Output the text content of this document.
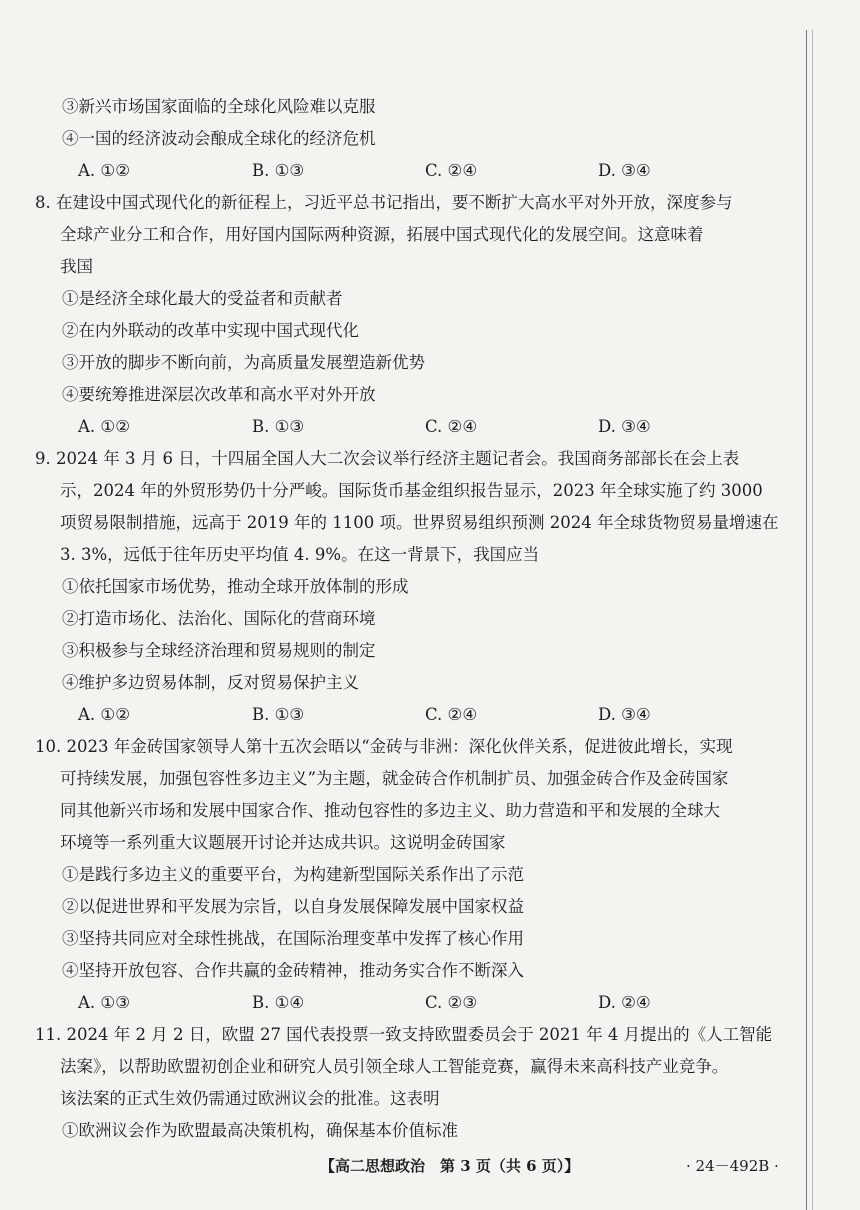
③新兴市场国家面临的全球化风险难以克服
④一国的经济波动会酿成全球化的经济危机
A. ①②	B. ①③	C. ②④	D. ③④
8. 在建设中国式现代化的新征程上，习近平总书记指出，要不断扩大高水平对外开放，深度参与
全球产业分工和合作，用好国内国际两种资源，拓展中国式现代化的发展空间。这意味着
我国
①是经济全球化最大的受益者和贡献者
②在内外联动的改革中实现中国式现代化
③开放的脚步不断向前，为高质量发展塑造新优势
④要统筹推进深层次改革和高水平对外开放
A. ①②	B. ①③	C. ②④	D. ③④
9. 2024 年 3 月 6 日，十四届全国人大二次会议举行经济主题记者会。我国商务部部长在会上表
示，2024 年的外贸形势仍十分严峻。国际货币基金组织报告显示，2023 年全球实施了约 3000
项贸易限制措施，远高于 2019 年的 1100 项。世界贸易组织预测 2024 年全球货物贸易量增速在
3. 3%，远低于往年历史平均值 4. 9%。在这一背景下，我国应当
①依托国家市场优势，推动全球开放体制的形成
②打造市场化、法治化、国际化的营商环境
③积极参与全球经济治理和贸易规则的制定
④维护多边贸易体制，反对贸易保护主义
A. ①②	B. ①③	C. ②④	D. ③④
10. 2023 年金砖国家领导人第十五次会晤以“金砖与非洲：深化伙伴关系，促进彼此增长，实现
可持续发展，加强包容性多边主义”为主题，就金砖合作机制扩员、加强金砖合作及金砖国家
同其他新兴市场和发展中国家合作、推动包容性的多边主义、助力营造和平和发展的全球大
环境等一系列重大议题展开讨论并达成共识。这说明金砖国家
①是践行多边主义的重要平台，为构建新型国际关系作出了示范
②以促进世界和平发展为宗旨，以自身发展保障发展中国家权益
③坚持共同应对全球性挑战，在国际治理变革中发挥了核心作用
④坚持开放包容、合作共赢的金砖精神，推动务实合作不断深入
A. ①③	B. ①④	C. ②③	D. ②④
11. 2024 年 2 月 2 日，欧盟 27 国代表投票一致支持欧盟委员会于 2021 年 4 月提出的《人工智能
法案》，以帮助欧盟初创企业和研究人员引领全球人工智能竞赛，赢得未来高科技产业竞争。
该法案的正式生效仍需通过欧洲议会的批准。这表明
①欧洲议会作为欧盟最高决策机构，确保基本价值标准
【高二思想政治　第 3 页（共 6 页）】	· 24－492B ·
